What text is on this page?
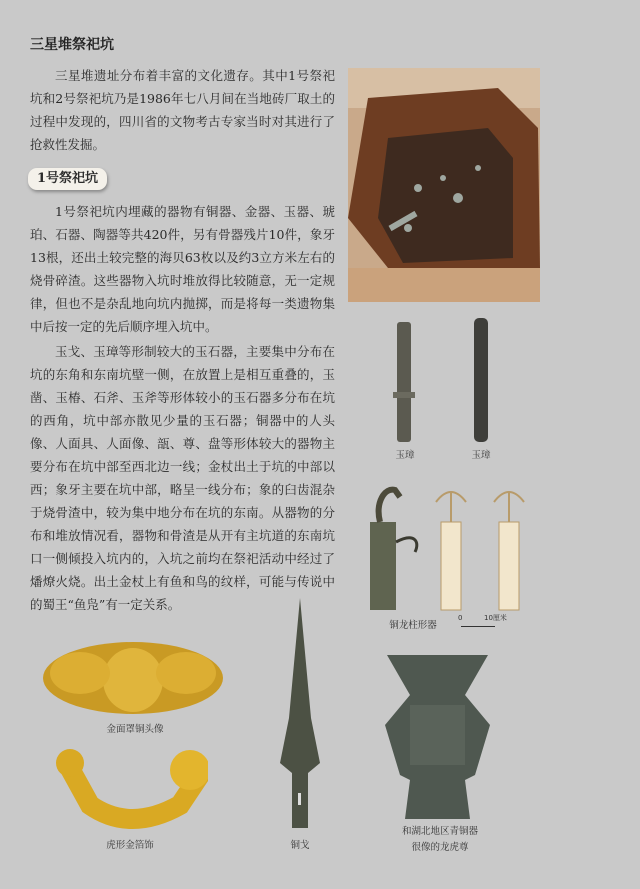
三星堆祭祀坑
三星堆遗址分布着丰富的文化遗存。其中1号祭祀坑和2号祭祀坑乃是1986年七八月间在当地砖厂取土的过程中发现的，四川省的文物考古专家当时对其进行了抢救性发掘。
1号祭祀坑
1号祭祀坑内埋藏的器物有铜器、金器、玉器、琥珀、石器、陶器等共420件，另有骨器残片10件，象牙13根，还出土较完整的海贝63枚以及约3立方米左右的烧骨碎渣。这些器物入坑时堆放得比较随意，无一定规律，但也不是杂乱地向坑内抛掷，而是将每一类遗物集中后按一定的先后顺序埋入坑中。
玉戈、玉璋等形制较大的玉石器，主要集中分布在坑的东角和东南坑壁一侧，在放置上是相互重叠的，玉凿、玉椿、石斧、玉斧等形体较小的玉石器多分布在坑的西角，坑中部亦散见少量的玉石器；铜器中的人头像、人面具、人面像、瓿、尊、盘等形体较大的器物主要分布在坑中部至西北边一线；金杖出土于坑的中部以西；象牙主要在坑中部，略呈一线分布；象的臼齿混杂于烧骨渣中，较为集中地分布在坑的东南。从器物的分布和堆放情况看，器物和骨渣是从开有主坑道的东南坑口一侧倾投入坑内的，入坑之前均在祭祀活动中经过了燔燎火烧。出土金杖上有鱼和鸟的纹样，可能与传说中的蜀王“鱼凫”有一定关系。
玉璋	玉璋
铜龙柱形器
0	10厘米
金面罩铜头像
虎形金箔饰	铜戈
和湖北地区青铜器
很像的龙虎尊
